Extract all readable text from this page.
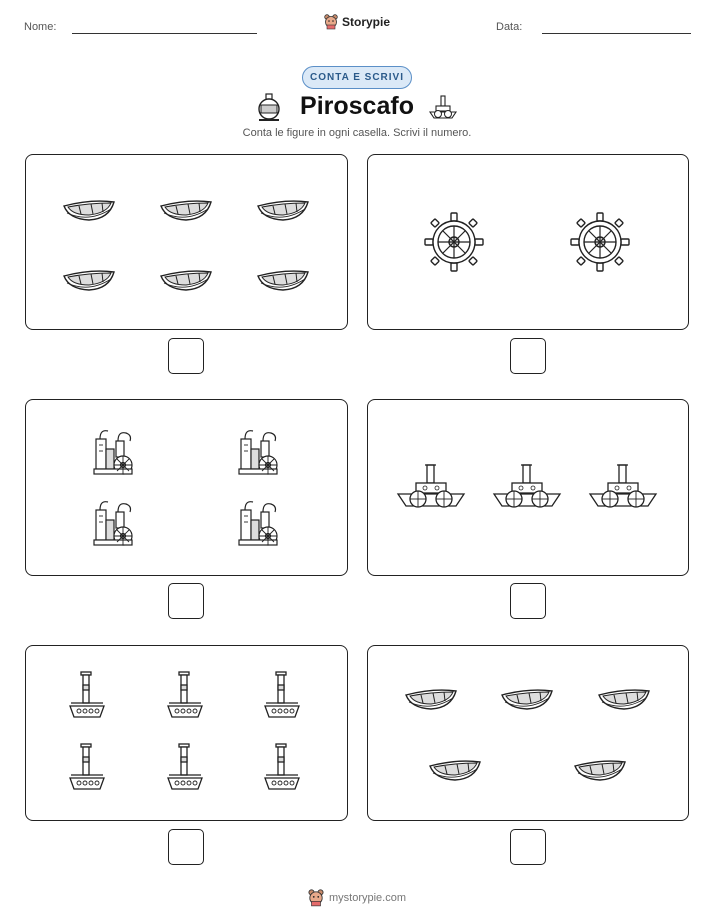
Nome:	Storypie	Data:
CONTA E SCRIVI
Piroscafo
Conta le figure in ogni casella. Scrivi il numero.
mystorypie.com
